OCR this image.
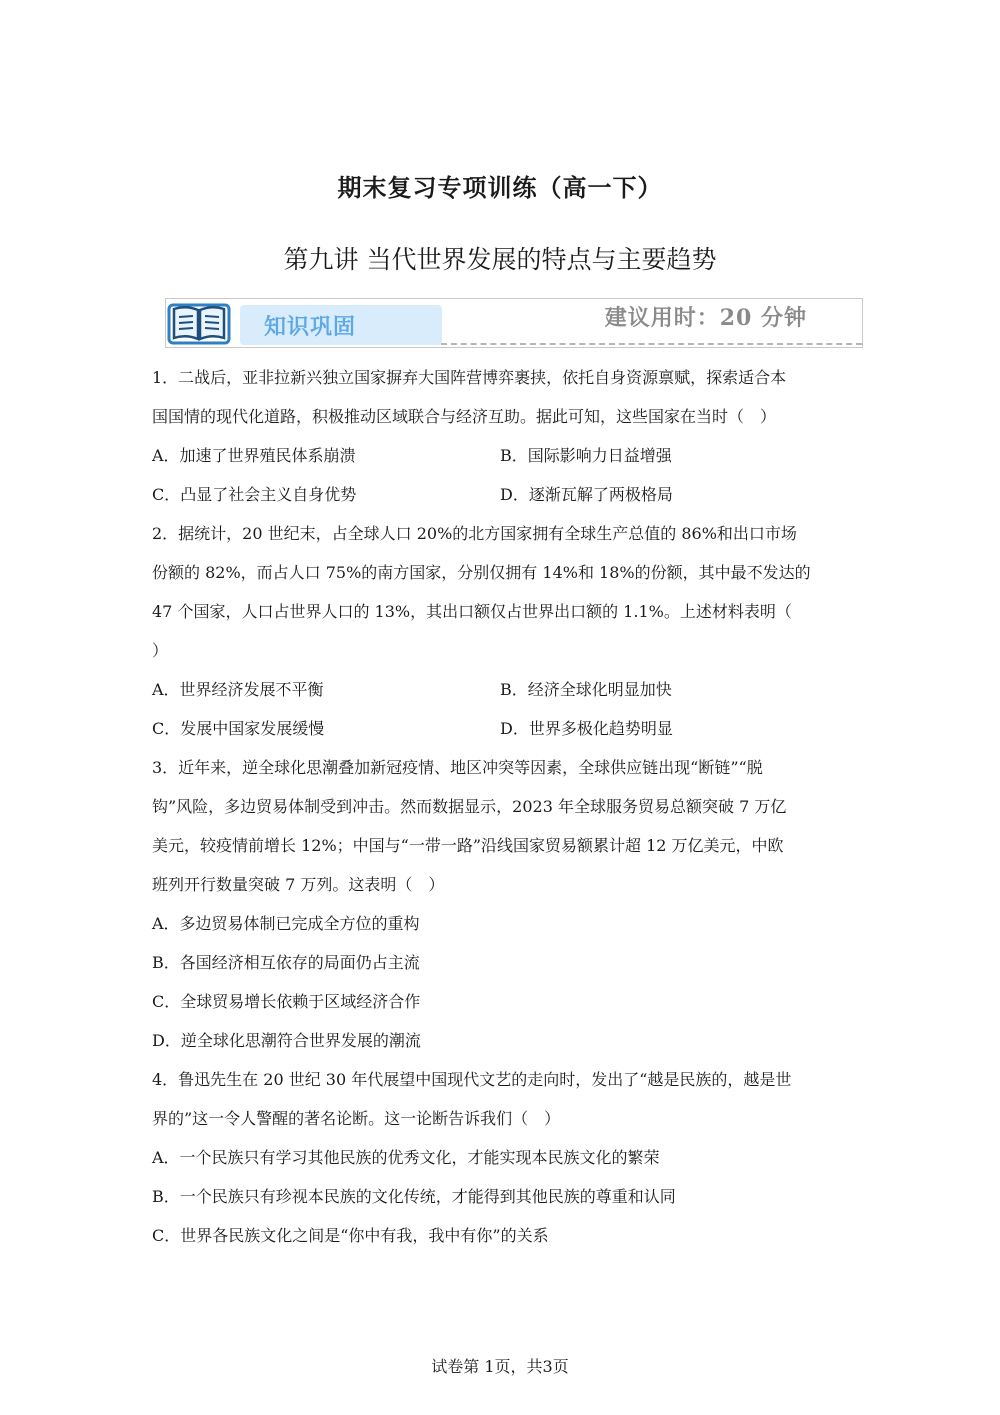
期末复习专项训练（高一下）
第九讲 当代世界发展的特点与主要趋势
知识巩固	建议用时：20 分钟
1．二战后，亚非拉新兴独立国家摒弃大国阵营博弈裹挟，依托自身资源禀赋，探索适合本
国国情的现代化道路，积极推动区域联合与经济互助。据此可知，这些国家在当时（　）
A．加速了世界殖民体系崩溃	B．国际影响力日益增强
C．凸显了社会主义自身优势	D．逐渐瓦解了两极格局
2．据统计，20 世纪末，占全球人口 20%的北方国家拥有全球生产总值的 86%和出口市场
份额的 82%，而占人口 75%的南方国家，分别仅拥有 14%和 18%的份额，其中最不发达的
47 个国家，人口占世界人口的 13%，其出口额仅占世界出口额的 1.1%。上述材料表明（
）
A．世界经济发展不平衡	B．经济全球化明显加快
C．发展中国家发展缓慢	D．世界多极化趋势明显
3．近年来，逆全球化思潮叠加新冠疫情、地区冲突等因素，全球供应链出现“断链”“脱
钩”风险，多边贸易体制受到冲击。然而数据显示，2023 年全球服务贸易总额突破 7 万亿
美元，较疫情前增长 12%；中国与“一带一路”沿线国家贸易额累计超 12 万亿美元，中欧
班列开行数量突破 7 万列。这表明（　）
A．多边贸易体制已完成全方位的重构
B．各国经济相互依存的局面仍占主流
C．全球贸易增长依赖于区域经济合作
D．逆全球化思潮符合世界发展的潮流
4．鲁迅先生在 20 世纪 30 年代展望中国现代文艺的走向时，发出了“越是民族的，越是世
界的”这一令人警醒的著名论断。这一论断告诉我们（　）
A．一个民族只有学习其他民族的优秀文化，才能实现本民族文化的繁荣
B．一个民族只有珍视本民族的文化传统，才能得到其他民族的尊重和认同
C．世界各民族文化之间是“你中有我，我中有你”的关系
试卷第 1页，共3页
